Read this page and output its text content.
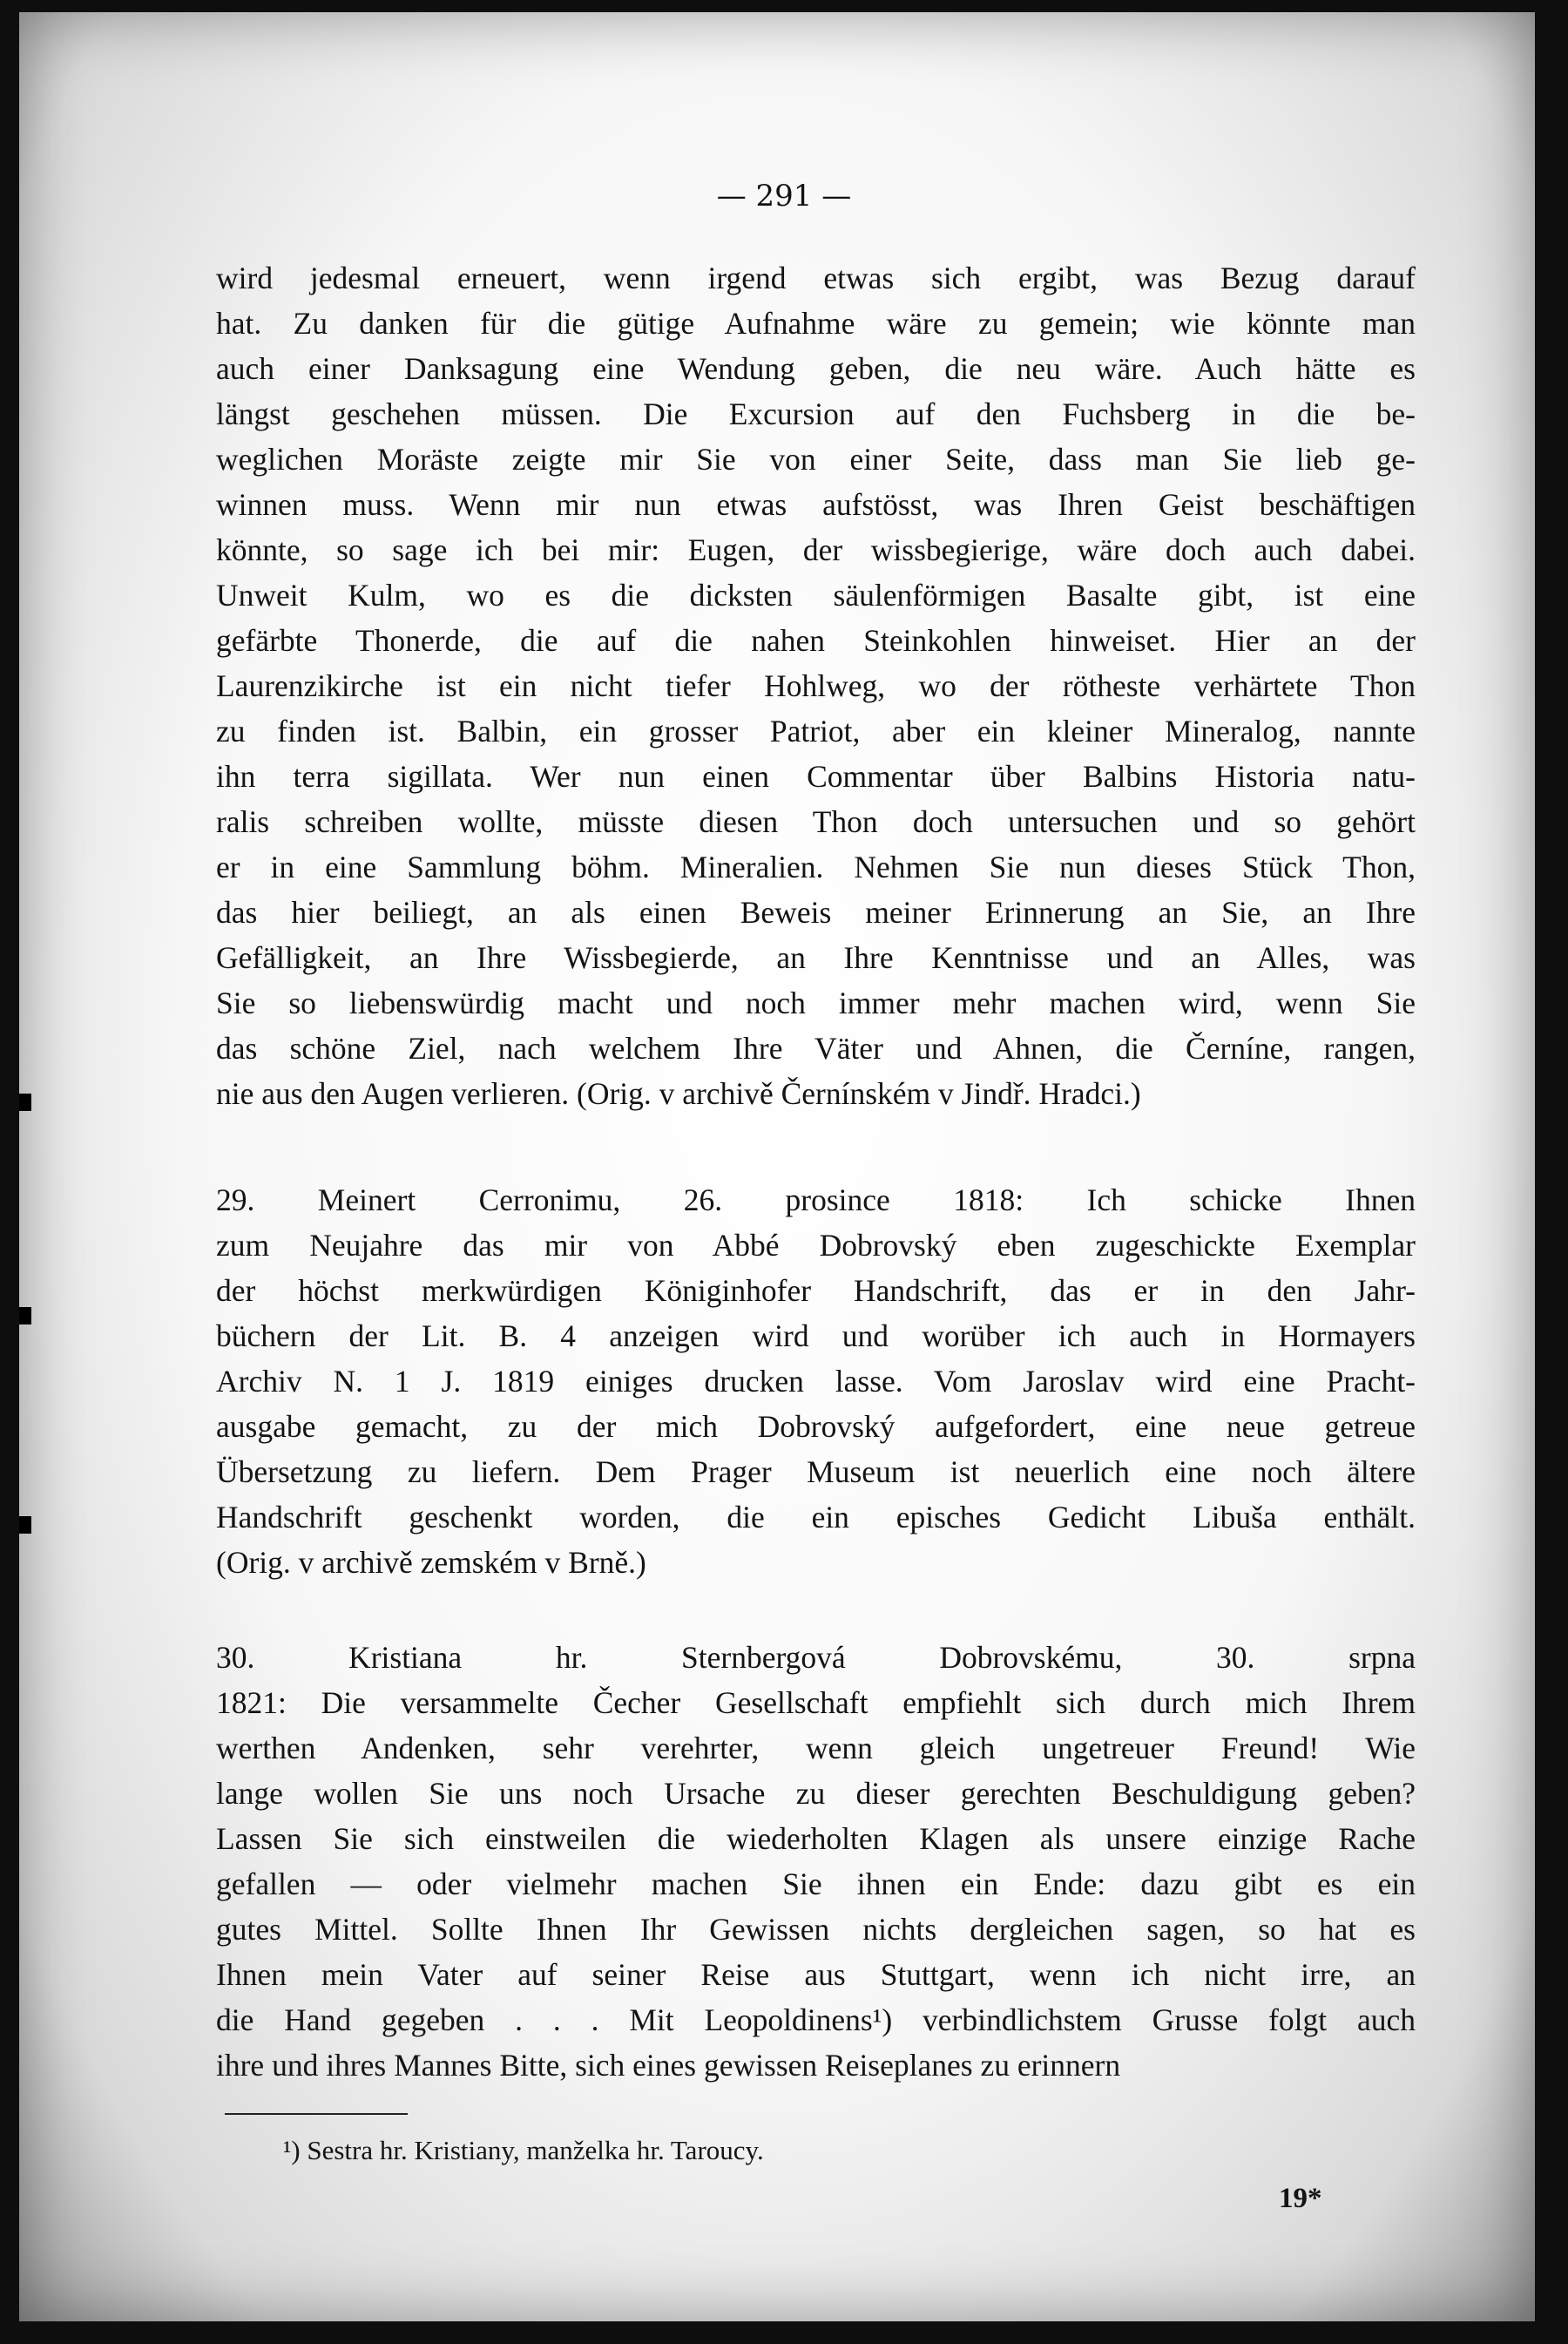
— 291 —
wird jedesmal erneuert, wenn irgend etwas sich ergibt, was Bezug darauf
hat. Zu danken für die gütige Aufnahme wäre zu gemein; wie könnte man
auch einer Danksagung eine Wendung geben, die neu wäre. Auch hätte es
längst geschehen müssen. Die Excursion auf den Fuchsberg in die be-
weglichen Moräste zeigte mir Sie von einer Seite, dass man Sie lieb ge-
winnen muss. Wenn mir nun etwas aufstösst, was Ihren Geist beschäftigen
könnte, so sage ich bei mir: Eugen, der wissbegierige, wäre doch auch dabei.
Unweit Kulm, wo es die dicksten säulenförmigen Basalte gibt, ist eine
gefärbte Thonerde, die auf die nahen Steinkohlen hinweiset. Hier an der
Laurenzikirche ist ein nicht tiefer Hohlweg, wo der rötheste verhärtete Thon
zu finden ist. Balbin, ein grosser Patriot, aber ein kleiner Mineralog, nannte
ihn terra sigillata. Wer nun einen Commentar über Balbins Historia natu-
ralis schreiben wollte, müsste diesen Thon doch untersuchen und so gehört
er in eine Sammlung böhm. Mineralien. Nehmen Sie nun dieses Stück Thon,
das hier beiliegt, an als einen Beweis meiner Erinnerung an Sie, an Ihre
Gefälligkeit, an Ihre Wissbegierde, an Ihre Kenntnisse und an Alles, was
Sie so liebenswürdig macht und noch immer mehr machen wird, wenn Sie
das schöne Ziel, nach welchem Ihre Väter und Ahnen, die Černíne, rangen,
nie aus den Augen verlieren. (Orig. v archivě Černínském v Jindř. Hradci.)
29. Meinert Cerronimu, 26. prosince 1818: Ich schicke Ihnen
zum Neujahre das mir von Abbé Dobrovský eben zugeschickte Exemplar
der höchst merkwürdigen Königinhofer Handschrift, das er in den Jahr-
büchern der Lit. B. 4 anzeigen wird und worüber ich auch in Hormayers
Archiv N. 1 J. 1819 einiges drucken lasse. Vom Jaroslav wird eine Pracht-
ausgabe gemacht, zu der mich Dobrovský aufgefordert, eine neue getreue
Übersetzung zu liefern. Dem Prager Museum ist neuerlich eine noch ältere
Handschrift geschenkt worden, die ein episches Gedicht Libuša enthält.
(Orig. v archivě zemském v Brně.)
30. Kristiana hr. Sternbergová Dobrovskému, 30. srpna
1821: Die versammelte Čecher Gesellschaft empfiehlt sich durch mich Ihrem
werthen Andenken, sehr verehrter, wenn gleich ungetreuer Freund! Wie
lange wollen Sie uns noch Ursache zu dieser gerechten Beschuldigung geben?
Lassen Sie sich einstweilen die wiederholten Klagen als unsere einzige Rache
gefallen — oder vielmehr machen Sie ihnen ein Ende: dazu gibt es ein
gutes Mittel. Sollte Ihnen Ihr Gewissen nichts dergleichen sagen, so hat es
Ihnen mein Vater auf seiner Reise aus Stuttgart, wenn ich nicht irre, an
die Hand gegeben . . . Mit Leopoldinens¹) verbindlichstem Grusse folgt auch
ihre und ihres Mannes Bitte, sich eines gewissen Reiseplanes zu erinnern
¹) Sestra hr. Kristiany, manželka hr. Taroucy.
19*
